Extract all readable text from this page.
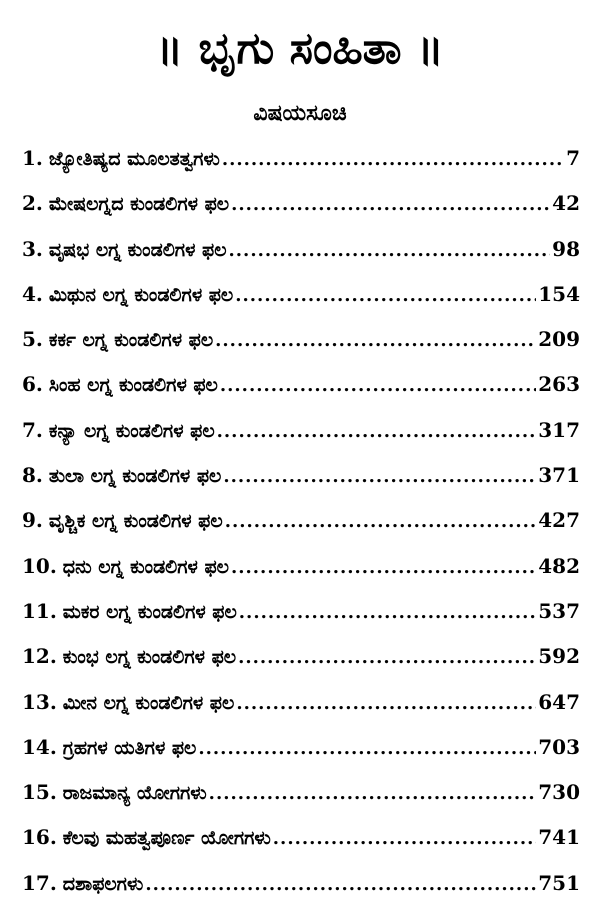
॥ ಭೃಗು ಸಂಹಿತಾ ॥
ವಿಷಯಸೂಚಿ
1. ಜ್ಯೋತಿಷ್ಯದ ಮೂಲತತ್ವಗಳು .....	7
2. ಮೇಷಲಗ್ನದ ಕುಂಡಲಿಗಳ ಫಲ .....	42
3. ವೃಷಭ ಲಗ್ನ ಕುಂಡಲಿಗಳ ಫಲ .....	98
4. ಮಿಥುನ ಲಗ್ನ ಕುಂಡಲಿಗಳ ಫಲ .....	154
5. ಕರ್ಕ ಲಗ್ನ ಕುಂಡಲಿಗಳ ಫಲ .....	209
6. ಸಿಂಹ ಲಗ್ನ ಕುಂಡಲಿಗಳ ಫಲ .....	263
7. ಕನ್ಯಾ ಲಗ್ನ ಕುಂಡಲಿಗಳ ಫಲ .....	317
8. ತುಲಾ ಲಗ್ನ ಕುಂಡಲಿಗಳ ಫಲ .....	371
9. ವೃಶ್ಚಿಕ ಲಗ್ನ ಕುಂಡಲಿಗಳ ಫಲ .....	427
10. ಧನು ಲಗ್ನ ಕುಂಡಲಿಗಳ ಫಲ .....	482
11. ಮಕರ ಲಗ್ನ ಕುಂಡಲಿಗಳ ಫಲ .....	537
12. ಕುಂಭ ಲಗ್ನ ಕುಂಡಲಿಗಳ ಫಲ .....	592
13. ಮೀನ ಲಗ್ನ ಕುಂಡಲಿಗಳ ಫಲ .....	647
14. ಗ್ರಹಗಳ ಯತಿಗಳ ಫಲ .....	703
15. ರಾಜಮಾನ್ಯ ಯೋಗಗಳು .....	730
16. ಕೆಲವು ಮಹತ್ವಪೂರ್ಣ ಯೋಗಗಳು .....	741
17. ದಶಾಫಲಗಳು .....	751
